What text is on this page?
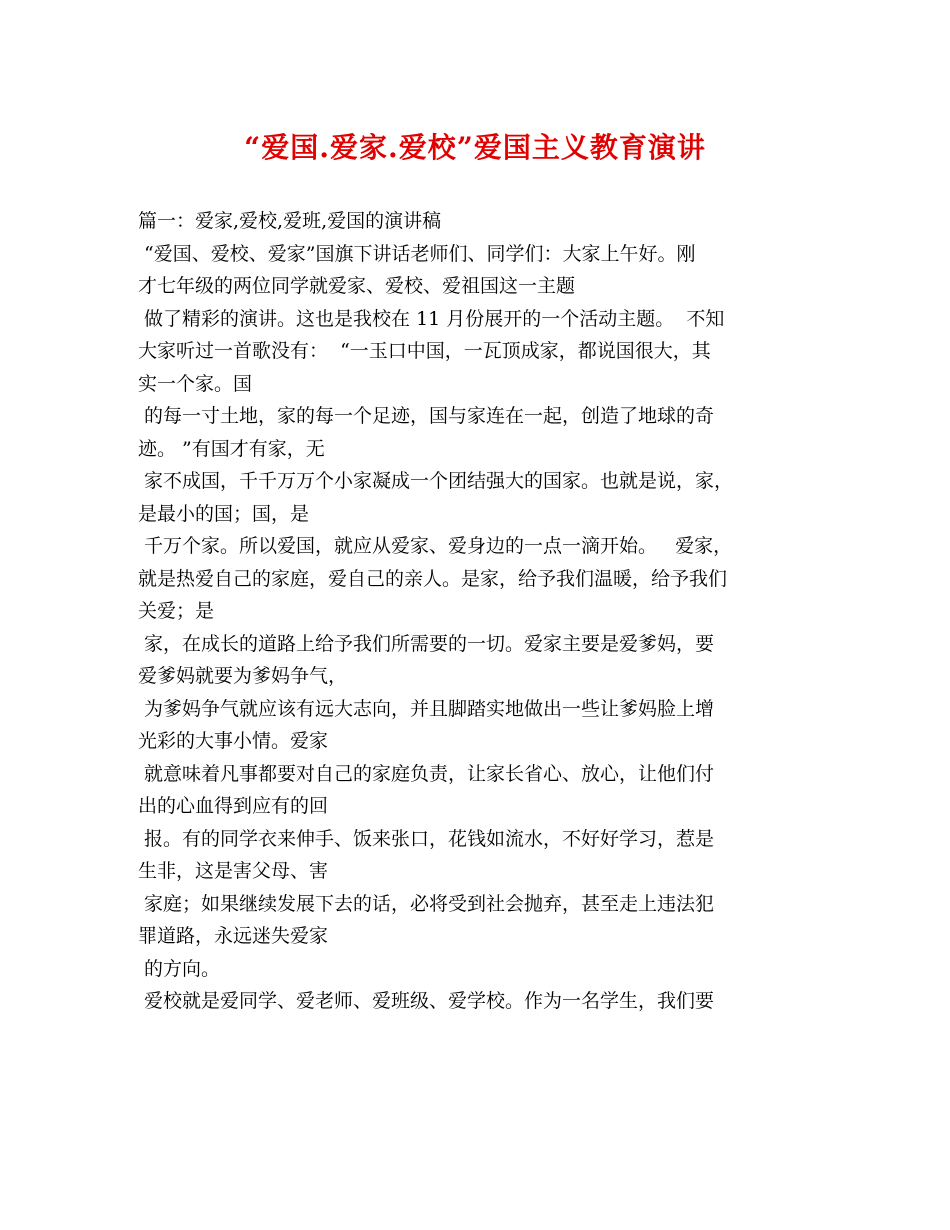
“爱国.爱家.爱校”爱国主义教育演讲
篇一：爱家,爱校,爱班,爱国的演讲稿
“爱国、爱校、爱家”国旗下讲话老师们、同学们：大家上午好。刚
才七年级的两位同学就爱家、爱校、爱祖国这一主题
做了精彩的演讲。这也是我校在 11 月份展开的一个活动主题。  不知
大家听过一首歌没有：  “一玉口中国，一瓦顶成家，都说国很大，其
实一个家。国
的每一寸土地，家的每一个足迹，国与家连在一起，创造了地球的奇
迹。 ”有国才有家，无
家不成国，千千万万个小家凝成一个团结强大的国家。也就是说，家，
是最小的国；国，是
千万个家。所以爱国，就应从爱家、爱身边的一点一滴开始。   爱家，
就是热爱自己的家庭，爱自己的亲人。是家，给予我们温暖，给予我们
关爱；是
家，在成长的道路上给予我们所需要的一切。爱家主要是爱爹妈，要
爱爹妈就要为爹妈争气，
为爹妈争气就应该有远大志向，并且脚踏实地做出一些让爹妈脸上增
光彩的大事小情。爱家
就意味着凡事都要对自己的家庭负责，让家长省心、放心，让他们付
出的心血得到应有的回
报。有的同学衣来伸手、饭来张口，花钱如流水，不好好学习，惹是
生非，这是害父母、害
家庭；如果继续发展下去的话，必将受到社会抛弃，甚至走上违法犯
罪道路，永远迷失爱家
的方向。
爱校就是爱同学、爱老师、爱班级、爱学校。作为一名学生，我们要
